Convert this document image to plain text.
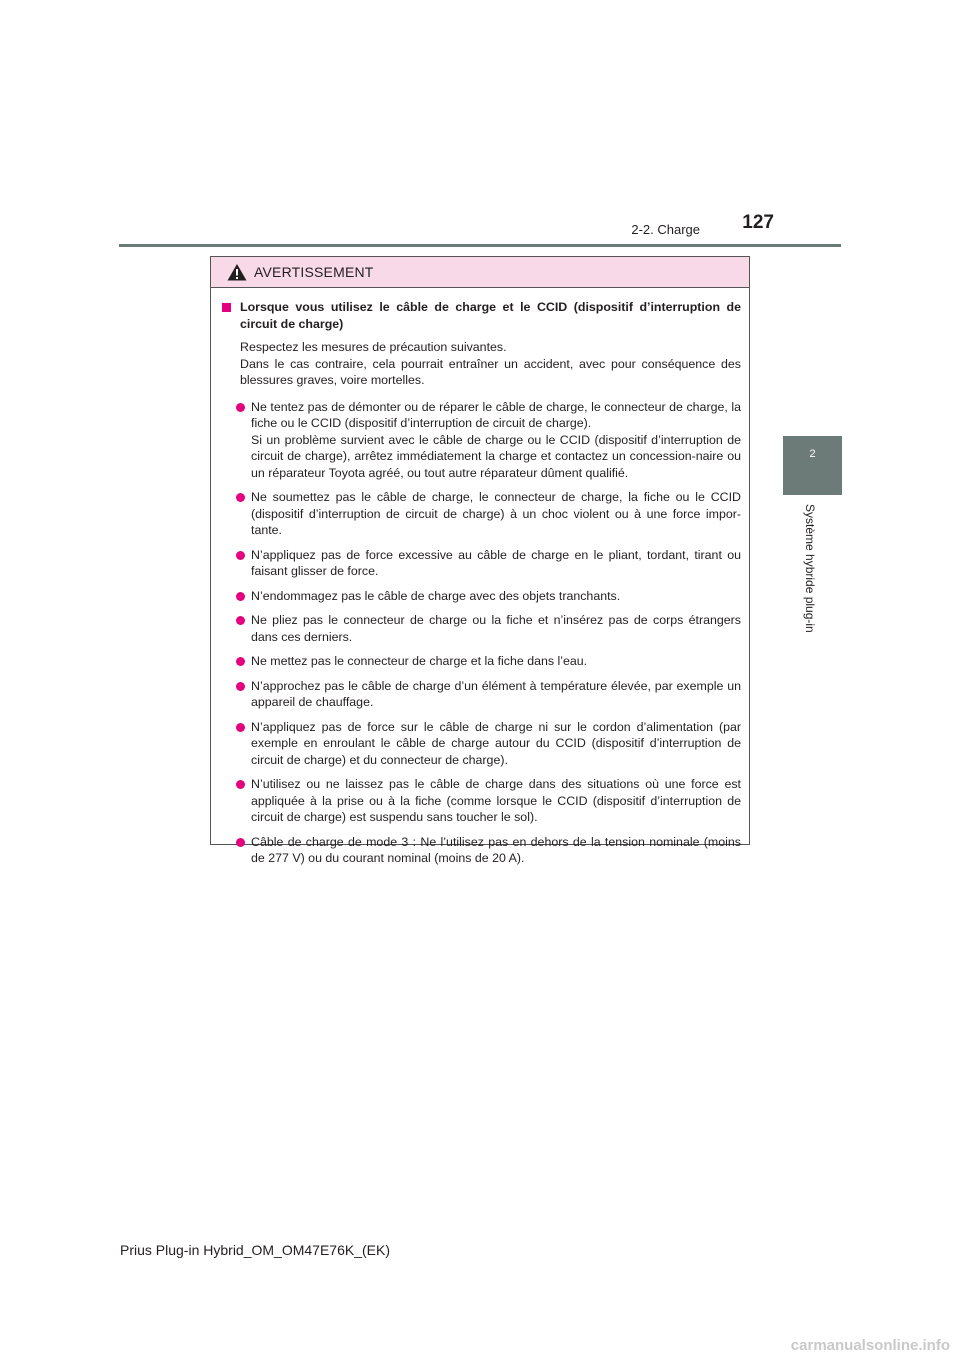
2-2. Charge	127
2
Système hybride plug-in
AVERTISSEMENT
Lorsque vous utilisez le câble de charge et le CCID (dispositif d’interruption de circuit de charge)

Respectez les mesures de précaution suivantes.

Dans le cas contraire, cela pourrait entraîner un accident, avec pour conséquence des blessures graves, voire mortelles.

Ne tentez pas de démonter ou de réparer le câble de charge, le connecteur de charge, la fiche ou le CCID (dispositif d’interruption de circuit de charge).

Si un problème survient avec le câble de charge ou le CCID (dispositif d’interruption de circuit de charge), arrêtez immédiatement la charge et contactez un concession-naire ou un réparateur Toyota agréé, ou tout autre réparateur dûment qualifié.

Ne soumettez pas le câble de charge, le connecteur de charge, la fiche ou le CCID (dispositif d’interruption de circuit de charge) à un choc violent ou à une force impor-tante.
N’appliquez pas de force excessive au câble de charge en le pliant, tordant, tirant ou faisant glisser de force.
N’endommagez pas le câble de charge avec des objets tranchants.
Ne pliez pas le connecteur de charge ou la fiche et n’insérez pas de corps étrangers dans ces derniers.
Ne mettez pas le connecteur de charge et la fiche dans l’eau.
N’approchez pas le câble de charge d’un élément à température élevée, par exemple un appareil de chauffage.
N’appliquez pas de force sur le câble de charge ni sur le cordon d’alimentation (par exemple en enroulant le câble de charge autour du CCID (dispositif d’interruption de circuit de charge) et du connecteur de charge).
N’utilisez ou ne laissez pas le câble de charge dans des situations où une force est appliquée à la prise ou à la fiche (comme lorsque le CCID (dispositif d’interruption de circuit de charge) est suspendu sans toucher le sol).
Câble de charge de mode 3 : Ne l’utilisez pas en dehors de la tension nominale (moins de 277 V) ou du courant nominal (moins de 20 A).
Prius Plug-in Hybrid_OM_OM47E76K_(EK)
carmanualsonline.info
